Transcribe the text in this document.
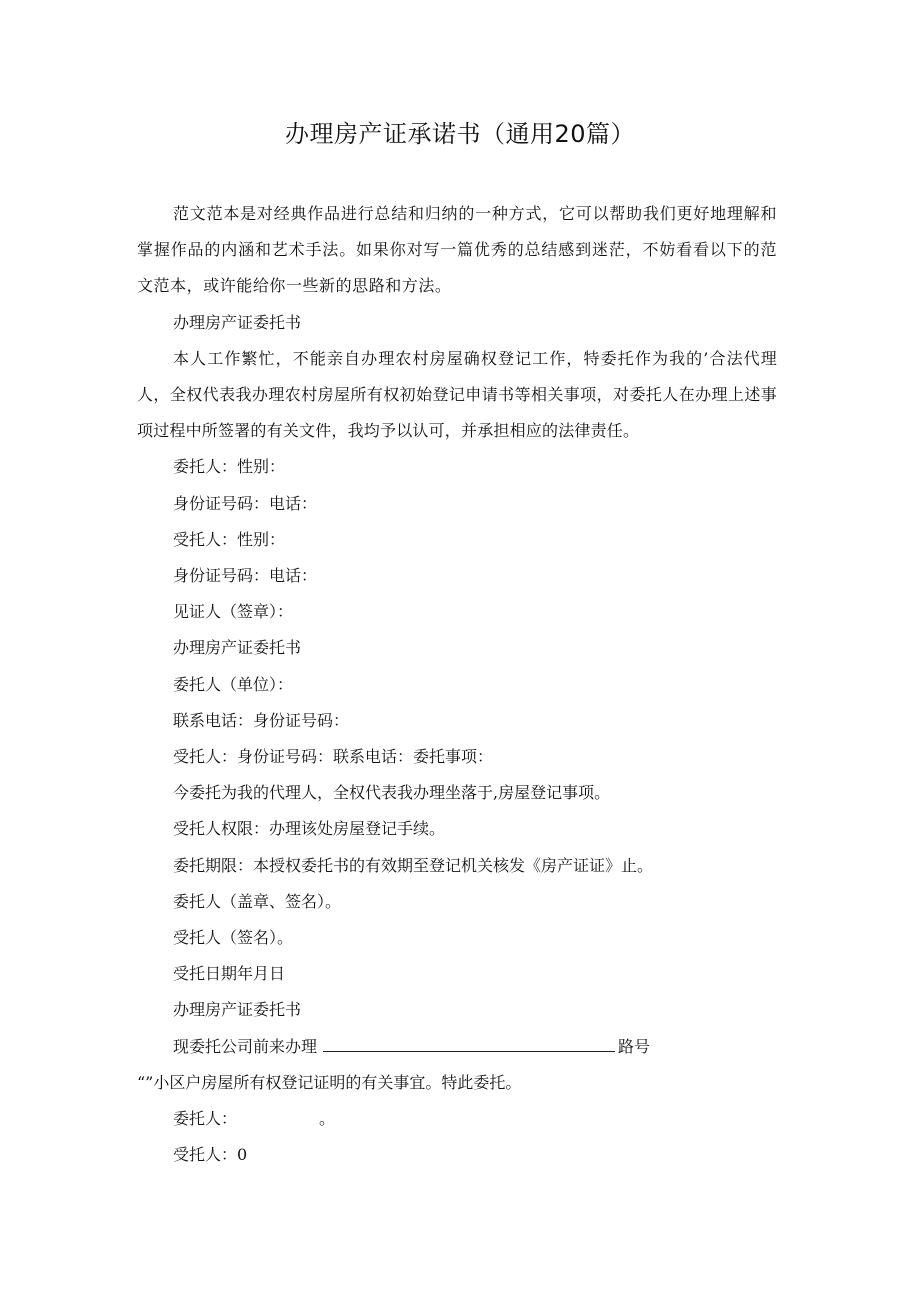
办理房产证承诺书（通用20篇）

范文范本是对经典作品进行总结和归纳的一种方式，它可以帮助我们更好地理解和掌握作品的内涵和艺术手法。如果你对写一篇优秀的总结感到迷茫，不妨看看以下的范文范本，或许能给你一些新的思路和方法。

办理房产证委托书

本人工作繁忙，不能亲自办理农村房屋确权登记工作，特委托作为我的’合法代理人，全权代表我办理农村房屋所有权初始登记申请书等相关事项，对委托人在办理上述事项过程中所签署的有关文件，我均予以认可，并承担相应的法律责任。

委托人：性别：

身份证号码：电话：

受托人：性别：

身份证号码：电话：

见证人（签章）：

办理房产证委托书

委托人（单位）：

联系电话：身份证号码：

受托人：身份证号码：联系电话：委托事项：

今委托为我的代理人，全权代表我办理坐落于,房屋登记事项。

受托人权限：办理该处房屋登记手续。

委托期限：本授权委托书的有效期至登记机关核发《房产证证》止。

委托人（盖章、签名）。

受托人（签名）。

受托日期年月日

办理房产证委托书

现委托公司前来办理	路号

“”小区户房屋所有权登记证明的有关事宜。特此委托。

委托人：	。

受托人：0
